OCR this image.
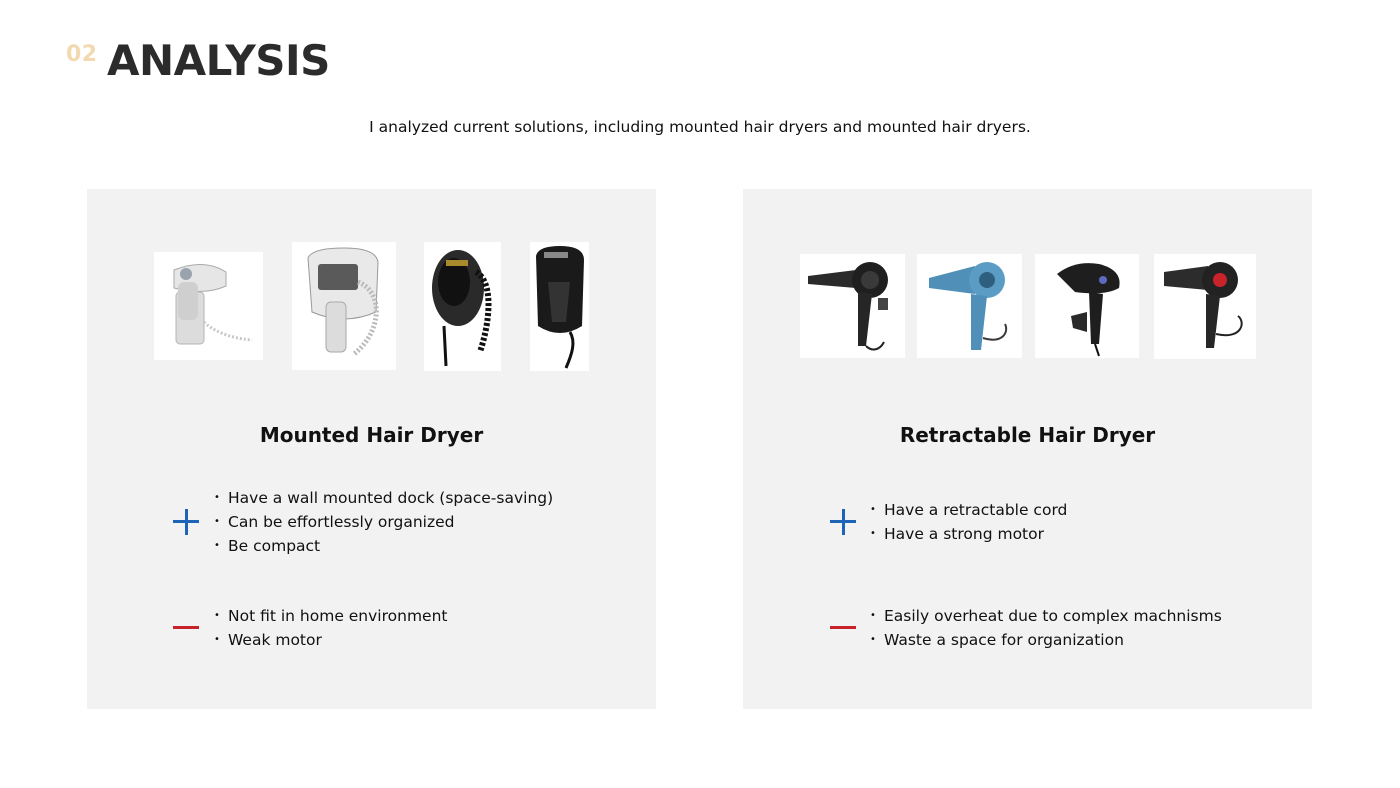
02 ANALYSIS
I analyzed current solutions, including mounted hair dryers and mounted hair dryers.
Mounted Hair Dryer
• Have a wall mounted dock (space-saving)
• Can be effortlessly organized
• Be compact
• Not fit in home environment
• Weak motor
Retractable Hair Dryer
• Have a retractable cord
• Have a strong motor
• Easily overheat due to complex machnisms
• Waste a space for organization
